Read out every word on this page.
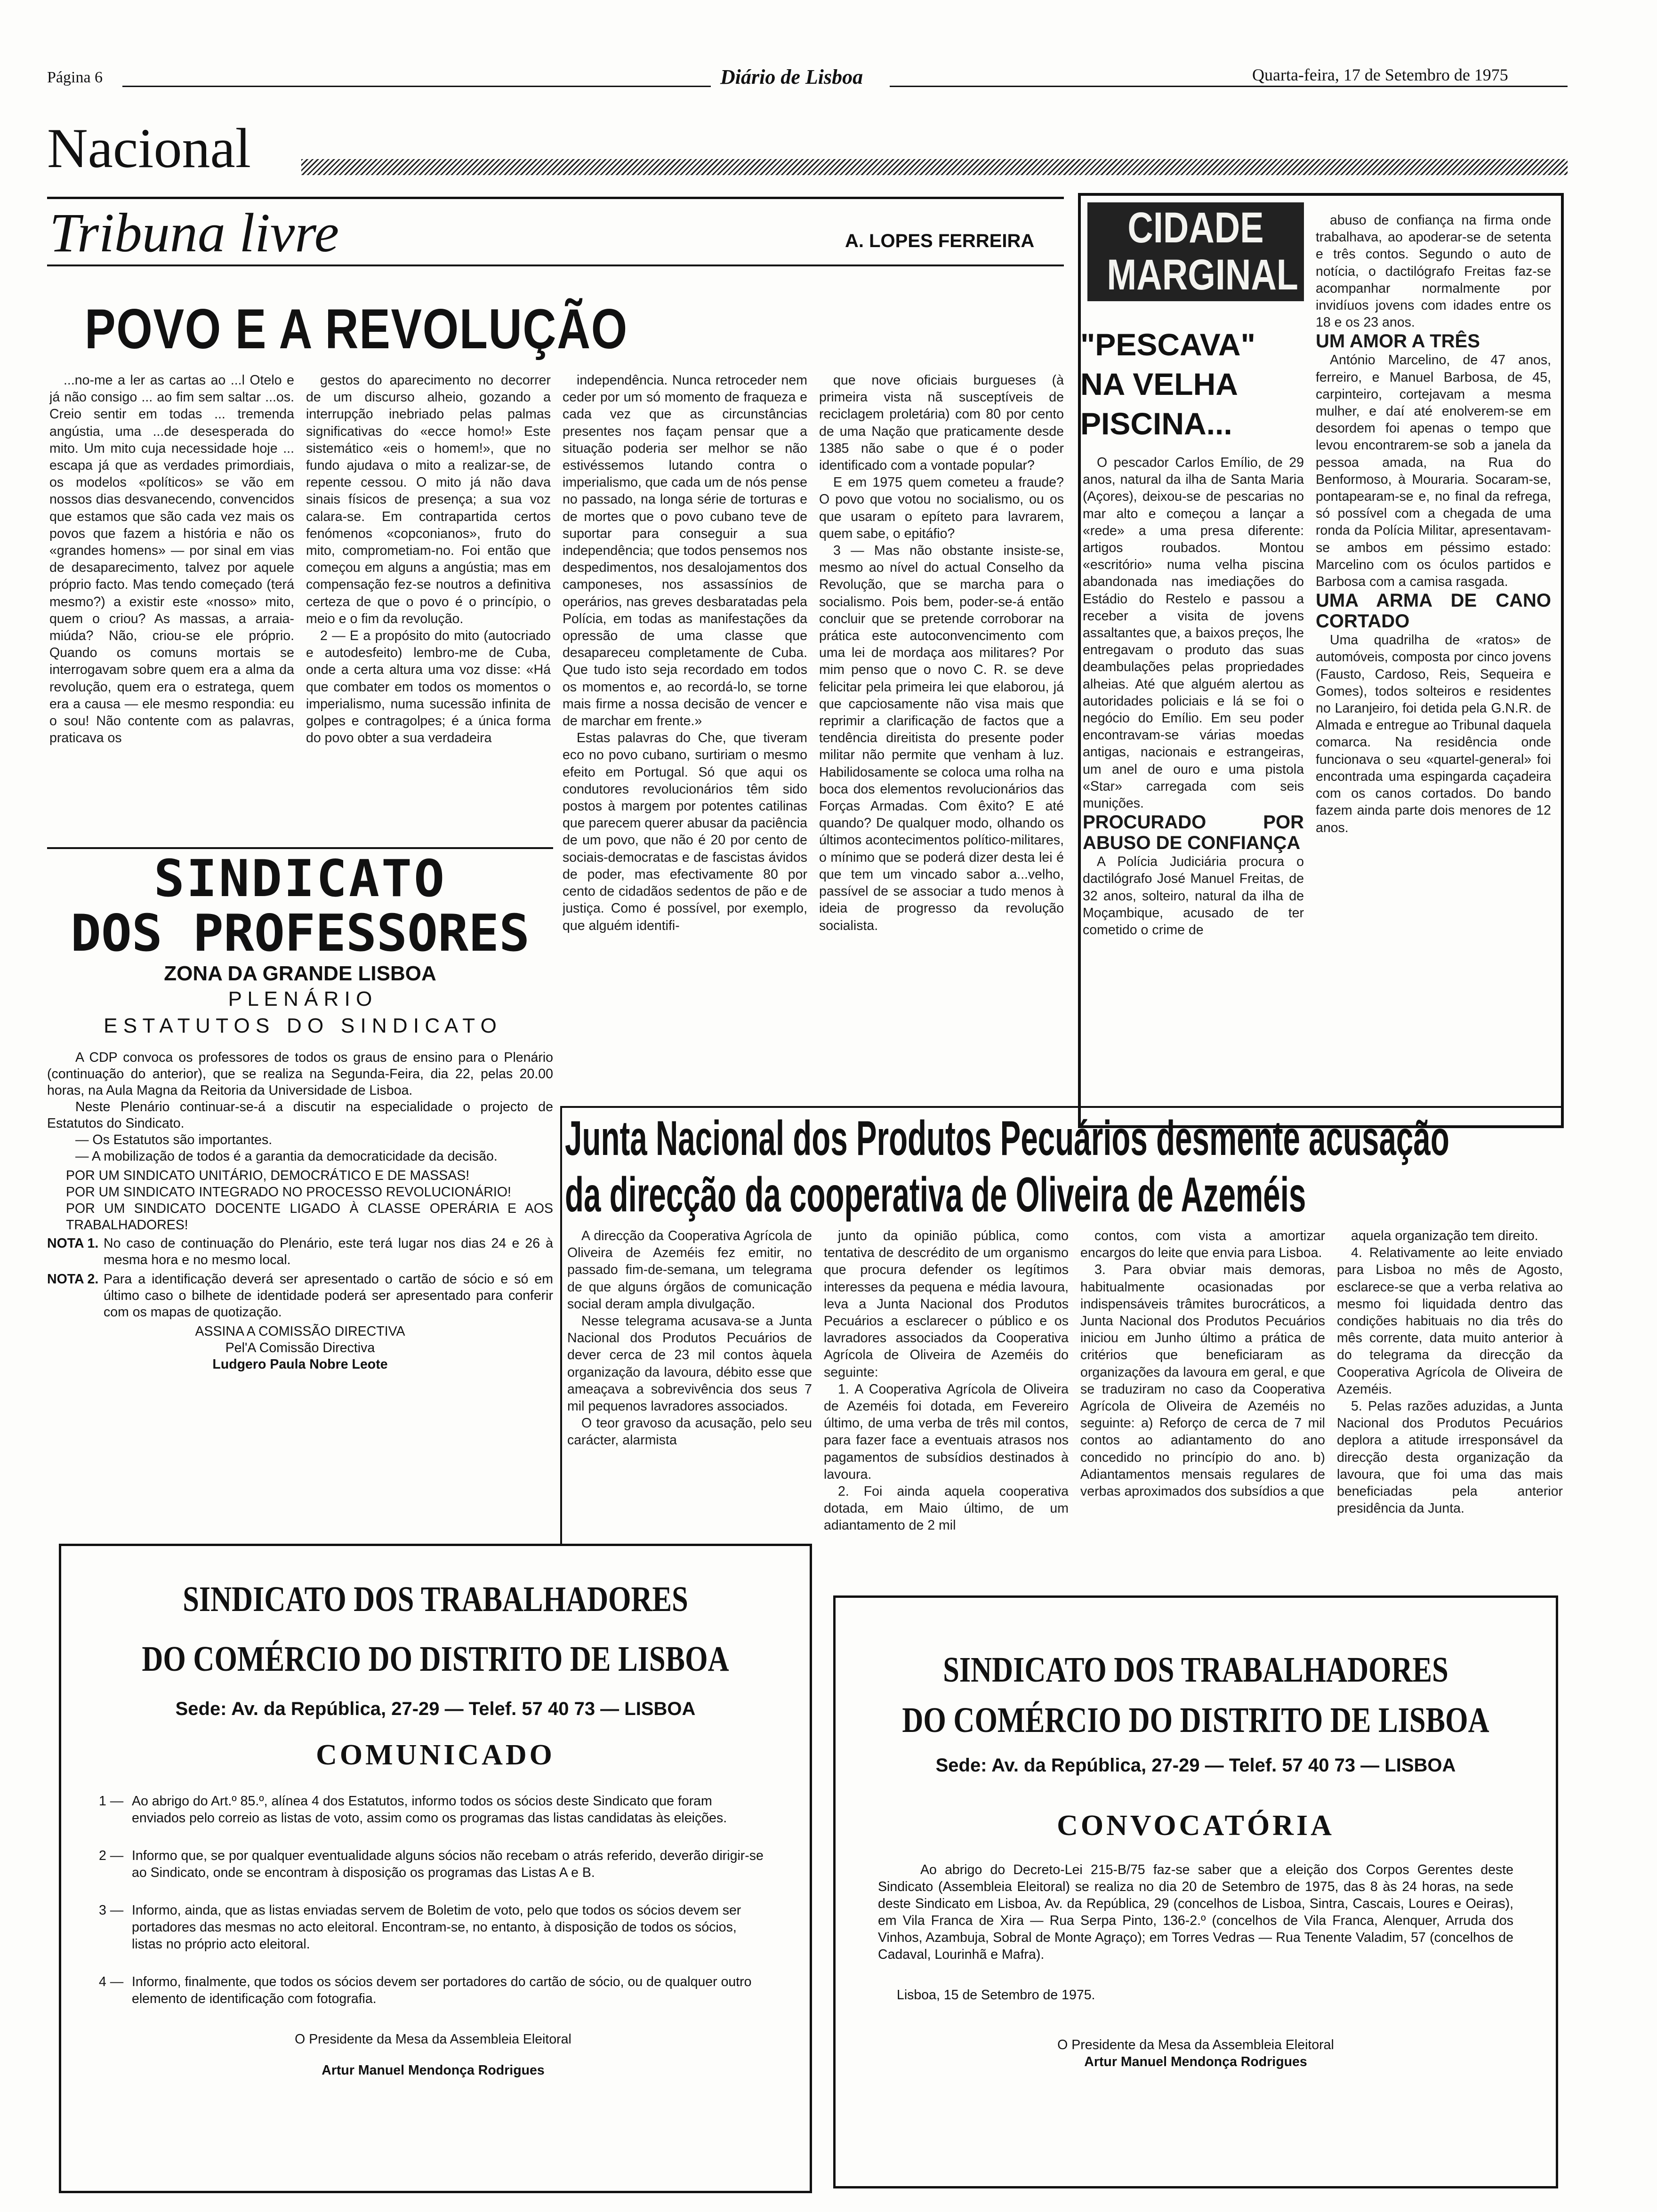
Página 6	Diário de Lisboa	Quarta-feira, 17 de Setembro de 1975
Nacional
Tribuna livre	A. LOPES FERREIRA
POVO E A REVOLUÇÃO

...no-me a ler as cartas ao ...l Otelo e já não consigo ... ao fim sem saltar ...os. Creio sentir em todas ... tremenda angústia, uma ...de desesperada do mito. Um mito cuja necessidade hoje ... escapa já que as verdades primordiais, os modelos «políticos» se vão em nossos dias desvanecendo, convencidos que estamos que são cada vez mais os povos que fazem a história e não os «grandes homens» — por sinal em vias de desaparecimento, talvez por aquele próprio facto. Mas tendo começado (terá mesmo?) a existir este «nosso» mito, quem o criou? As massas, a arraia-miúda? Não, criou-se ele próprio. Quando os comuns mortais se interrogavam sobre quem era a alma da revolução, quem era o estratega, quem era a causa — ele mesmo respondia: eu o sou! Não contente com as palavras, praticava os

gestos do aparecimento no decorrer de um discurso alheio, gozando a interrupção inebriado pelas palmas significativas do «ecce homo!» Este sistemático «eis o homem!», que no fundo ajudava o mito a realizar-se, de repente cessou. O mito já não dava sinais físicos de presença; a sua voz calara-se. Em contrapartida certos fenómenos «copconianos», fruto do mito, comprometiam-no. Foi então que começou em alguns a angústia; mas em compensação fez-se noutros a definitiva certeza de que o povo é o princípio, o meio e o fim da revolução.

2 — E a propósito do mito (autocriado e autodesfeito) lembro-me de Cuba, onde a certa altura uma voz disse: «Há que combater em todos os momentos o imperialismo, numa sucessão infinita de golpes e contragolpes; é a única forma do povo obter a sua verdadeira

independência. Nunca retroceder nem ceder por um só momento de fraqueza e cada vez que as circunstâncias presentes nos façam pensar que a situação poderia ser melhor se não estivéssemos lutando contra o imperialismo, que cada um de nós pense no passado, na longa série de torturas e de mortes que o povo cubano teve de suportar para conseguir a sua independência; que todos pensemos nos despedimentos, nos desalojamentos dos camponeses, nos assassínios de operários, nas greves desbaratadas pela Polícia, em todas as manifestações da opressão de uma classe que desapareceu completamente de Cuba. Que tudo isto seja recordado em todos os momentos e, ao recordá-lo, se torne mais firme a nossa decisão de vencer e de marchar em frente.»

Estas palavras do Che, que tiveram eco no povo cubano, surtiriam o mesmo efeito em Portugal. Só que aqui os condutores revolucionários têm sido postos à margem por potentes catilinas que parecem querer abusar da paciência de um povo, que não é 20 por cento de sociais-democratas e de fascistas ávidos de poder, mas efectivamente 80 por cento de cidadãos sedentos de pão e de justiça. Como é possível, por exemplo, que alguém identifi-

que nove oficiais burgueses (à primeira vista nã susceptíveis de reciclagem proletária) com 80 por cento de uma Nação que praticamente desde 1385 não sabe o que é o poder identificado com a vontade popular?

E em 1975 quem cometeu a fraude? O povo que votou no socialismo, ou os que usaram o epíteto para lavrarem, quem sabe, o epitáfio?

3 — Mas não obstante insiste-se, mesmo ao nível do actual Conselho da Revolução, que se marcha para o socialismo. Pois bem, poder-se-á então concluir que se pretende corroborar na prática este autoconvencimento com uma lei de mordaça aos militares? Por mim penso que o novo C. R. se deve felicitar pela primeira lei que elaborou, já que capciosamente não visa mais que reprimir a clarificação de factos que a tendência direitista do presente poder militar não permite que venham à luz. Habilidosamente se coloca uma rolha na boca dos elementos revolucionários das Forças Armadas. Com êxito? E até quando? De qualquer modo, olhando os últimos acontecimentos político-militares, o mínimo que se poderá dizer desta lei é que tem um vincado sabor a...velho, passível de se associar a tudo menos à ideia de progresso da revolução socialista.

CIDADE
MARGINAL
"PESCAVA"
NA VELHA
PISCINA...

O pescador Carlos Emílio, de 29 anos, natural da ilha de Santa Maria (Açores), deixou-se de pescarias no mar alto e começou a lançar a «rede» a uma presa diferente: artigos roubados. Montou «escritório» numa velha piscina abandonada nas imediações do Estádio do Restelo e passou a receber a visita de jovens assaltantes que, a baixos preços, lhe entregavam o produto das suas deambulações pelas propriedades alheias. Até que alguém alertou as autoridades policiais e lá se foi o negócio do Emílio. Em seu poder encontravam-se várias moedas antigas, nacionais e estrangeiras, um anel de ouro e uma pistola «Star» carregada com seis munições.

PROCURADO POR ABUSO DE CONFIANÇA

A Polícia Judiciária procura o dactilógrafo José Manuel Freitas, de 32 anos, solteiro, natural da ilha de Moçambique, acusado de ter cometido o crime de

abuso de confiança na firma onde trabalhava, ao apoderar-se de setenta e três contos. Segundo o auto de notícia, o dactilógrafo Freitas faz-se acompanhar normalmente por invidíuos jovens com idades entre os 18 e os 23 anos.

UM AMOR A TRÊS

António Marcelino, de 47 anos, ferreiro, e Manuel Barbosa, de 45, carpinteiro, cortejavam a mesma mulher, e daí até enolverem-se em desordem foi apenas o tempo que levou encontrarem-se sob a janela da pessoa amada, na Rua do Benformoso, à Mouraria. Socaram-se, pontapearam-se e, no final da refrega, só possível com a chegada de uma ronda da Polícia Militar, apresentavam-se ambos em péssimo estado: Marcelino com os óculos partidos e Barbosa com a camisa rasgada.

UMA ARMA DE CANO CORTADO

Uma quadrilha de «ratos» de automóveis, composta por cinco jovens (Fausto, Cardoso, Reis, Sequeira e Gomes), todos solteiros e residentes no Laranjeiro, foi detida pela G.N.R. de Almada e entregue ao Tribunal daquela comarca. Na residência onde funcionava o seu «quartel-general» foi encontrada uma espingarda caçadeira com os canos cortados. Do bando fazem ainda parte dois menores de 12 anos.

SINDICATO
DOS PROFESSORES
ZONA DA GRANDE LISBOA
P L E N Á R I O
E S T A T U T O S   D O   S I N D I C A T O

A CDP convoca os professores de todos os graus de ensino para o Plenário (continuação do anterior), que se realiza na Segunda-Feira, dia 22, pelas 20.00 horas, na Aula Magna da Reitoria da Universidade de Lisboa.

Neste Plenário continuar-se-á a discutir na especialidade o projecto de Estatutos do Sindicato.

— Os Estatutos são importantes.

— A mobilização de todos é a garantia da democraticidade da decisão.

POR UM SINDICATO UNITÁRIO, DEMOCRÁTICO E DE MASSAS!

POR UM SINDICATO INTEGRADO NO PROCESSO REVOLUCIONÁRIO!

POR UM SINDICATO DOCENTE LIGADO À CLASSE OPERÁRIA E AOS TRABALHADORES!

NOTA 1. No caso de continuação do Plenário, este terá lugar nos dias 24 e 26 à mesma hora e no mesmo local.
NOTA 2. Para a identificação deverá ser apresentado o cartão de sócio e só em último caso o bilhete de identidade poderá ser apresentado para conferir com os mapas de quotização.
ASSINA A COMISSÃO DIRECTIVA
Pel'A Comissão Directiva
Ludgero Paula Nobre Leote
Junta Nacional dos Produtos Pecuários desmente acusação
da direcção da cooperativa de Oliveira de Azeméis

A direcção da Cooperativa Agrícola de Oliveira de Azeméis fez emitir, no passado fim-de-semana, um telegrama de que alguns órgãos de comunicação social deram ampla divulgação.

Nesse telegrama acusava-se a Junta Nacional dos Produtos Pecuários de dever cerca de 23 mil contos àquela organização da lavoura, débito esse que ameaçava a sobrevivência dos seus 7 mil pequenos lavradores associados.

O teor gravoso da acusação, pelo seu carácter, alarmista

junto da opinião pública, como tentativa de descrédito de um organismo que procura defender os legítimos interesses da pequena e média lavoura, leva a Junta Nacional dos Produtos Pecuários a esclarecer o público e os lavradores associados da Cooperativa Agrícola de Oliveira de Azeméis do seguinte:

1. A Cooperativa Agrícola de Oliveira de Azeméis foi dotada, em Fevereiro último, de uma verba de três mil contos, para fazer face a eventuais atrasos nos pagamentos de subsídios destinados à lavoura.

2. Foi ainda aquela cooperativa dotada, em Maio último, de um adiantamento de 2 mil

contos, com vista a amortizar encargos do leite que envia para Lisboa.

3. Para obviar mais demoras, habitualmente ocasionadas por indispensáveis trâmites burocráticos, a Junta Nacional dos Produtos Pecuários iniciou em Junho último a prática de critérios que beneficiaram as organizações da lavoura em geral, e que se traduziram no caso da Cooperativa Agrícola de Oliveira de Azeméis no seguinte: a) Reforço de cerca de 7 mil contos ao adiantamento do ano concedido no princípio do ano. b) Adiantamentos mensais regulares de verbas aproximados dos subsídios a que

aquela organização tem direito.

4. Relativamente ao leite enviado para Lisboa no mês de Agosto, esclarece-se que a verba relativa ao mesmo foi liquidada dentro das condições habituais no dia três do mês corrente, data muito anterior à do telegrama da direcção da Cooperativa Agrícola de Oliveira de Azeméis.

5. Pelas razões aduzidas, a Junta Nacional dos Produtos Pecuários deplora a atitude irresponsável da direcção desta organização da lavoura, que foi uma das mais beneficiadas pela anterior presidência da Junta.

SINDICATO DOS TRABALHADORES
DO COMÉRCIO DO DISTRITO DE LISBOA
Sede: Av. da República, 27-29 — Telef. 57 40 73 — LISBOA
COMUNICADO
1 — Ao abrigo do Art.º 85.º, alínea 4 dos Estatutos, informo todos os sócios deste Sindicato que foram enviados pelo correio as listas de voto, assim como os programas das listas candidatas às eleições.
2 — Informo que, se por qualquer eventualidade alguns sócios não recebam o atrás referido, deverão dirigir-se ao Sindicato, onde se encontram à disposição os programas das Listas A e B.
3 — Informo, ainda, que as listas enviadas servem de Boletim de voto, pelo que todos os sócios devem ser portadores das mesmas no acto eleitoral. Encontram-se, no entanto, à disposição de todos os sócios, listas no próprio acto eleitoral.
4 — Informo, finalmente, que todos os sócios devem ser portadores do cartão de sócio, ou de qualquer outro elemento de identificação com fotografia.
O Presidente da Mesa da Assembleia Eleitoral
Artur Manuel Mendonça Rodrigues
SINDICATO DOS TRABALHADORES
DO COMÉRCIO DO DISTRITO DE LISBOA
Sede: Av. da República, 27-29 — Telef. 57 40 73 — LISBOA
CONVOCATÓRIA

Ao abrigo do Decreto-Lei 215-B/75 faz-se saber que a eleição dos Corpos Gerentes deste Sindicato (Assembleia Eleitoral) se realiza no dia 20 de Setembro de 1975, das 8 às 24 horas, na sede deste Sindicato em Lisboa, Av. da República, 29 (concelhos de Lisboa, Sintra, Cascais, Loures e Oeiras), em Vila Franca de Xira — Rua Serpa Pinto, 136-2.º (concelhos de Vila Franca, Alenquer, Arruda dos Vinhos, Azambuja, Sobral de Monte Agraço); em Torres Vedras — Rua Tenente Valadim, 57 (concelhos de Cadaval, Lourinhã e Mafra).

Lisboa, 15 de Setembro de 1975.

O Presidente da Mesa da Assembleia Eleitoral
Artur Manuel Mendonça Rodrigues
